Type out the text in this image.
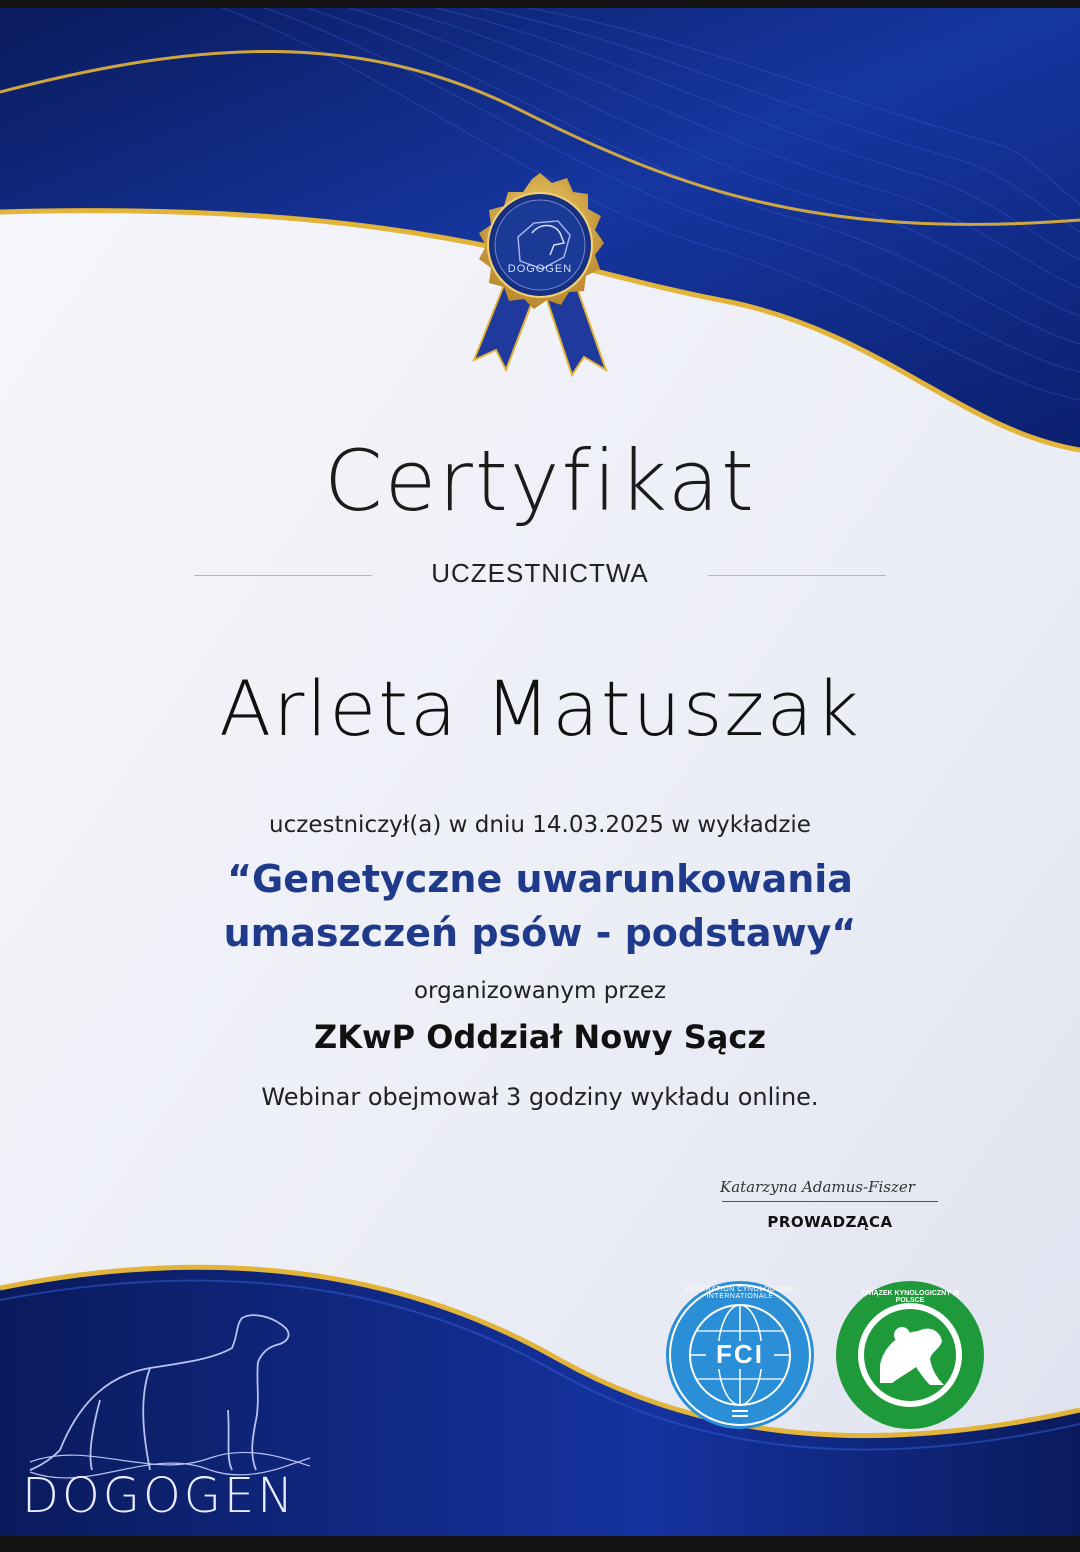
DOGOGEN
Certyfikat
UCZESTNICTWA
Arleta Matuszak
uczestniczył(a) w dniu 14.03.2025 w wykładzie
“Genetyczne uwarunkowania
umaszczeń psów - podstawy“
organizowanym przez
ZKwP Oddział Nowy Sącz
Webinar obejmował 3 godziny wykładu online.
Katarzyna Adamus-Fiszer
PROWADZĄCA
DOGOGEN
FCI
FÉDÉRATION CYNOLOGIQUE INTERNATIONALE	ZWIĄZEK KYNOLOGICZNY W POLSCE
